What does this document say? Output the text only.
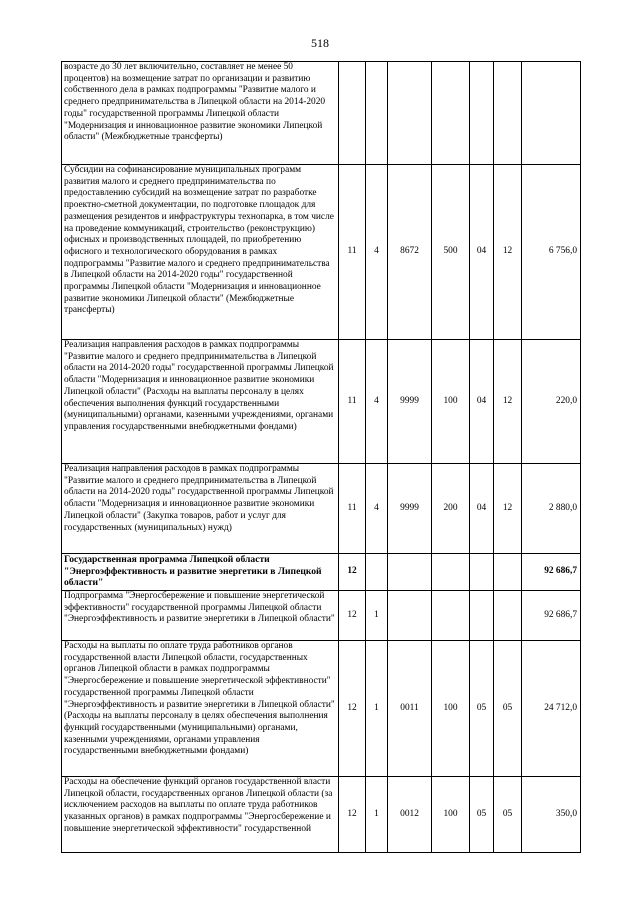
518
возрасте до 30 лет включительно, составляет не менее 50 процентов) на возмещение затрат по организации и развитию собственного дела в рамках подпрограммы "Развитие малого и среднего предпринимательства в Липецкой области на 2014-2020 годы" государственной программы Липецкой области "Модернизация и инновационное развитие экономики Липецкой области" (Межбюджетные трансферты)							
Субсидии на софинансирование муниципальных программ развития малого и среднего предпринимательства по предоставлению субсидий на возмещение затрат по разработке проектно-сметной документации, по подготовке площадок для размещения резидентов и инфраструктуры технопарка, в том числе на проведение коммуникаций, строительство (реконструкцию) офисных и производственных площадей, по приобретению офисного и технологического оборудования в рамках подпрограммы "Развитие малого и среднего предпринимательства в Липецкой области на 2014-2020 годы" государственной программы Липецкой области "Модернизация и инновационное развитие экономики Липецкой области" (Межбюджетные трансферты)	11	4	8672	500	04	12	6 756,0
Реализация направления расходов в рамках подпрограммы "Развитие малого и среднего предпринимательства в Липецкой области на 2014-2020 годы" государственной программы Липецкой области "Модернизация и инновационное развитие экономики Липецкой области" (Расходы на выплаты персоналу в целях обеспечения выполнения функций государственными (муниципальными) органами, казенными учреждениями, органами управления государственными внебюджетными фондами)	11	4	9999	100	04	12	220,0
Реализация направления расходов в рамках подпрограммы "Развитие малого и среднего предпринимательства в Липецкой области на 2014-2020 годы" государственной программы Липецкой области "Модернизация и инновационное развитие экономики Липецкой области" (Закупка товаров, работ и услуг для государственных (муниципальных) нужд)	11	4	9999	200	04	12	2 880,0
Государственная программа Липецкой области "Энергоэффективность и развитие энергетики в Липецкой области"	12						92 686,7
Подпрограмма "Энергосбережение и повышение энергетической эффективности" государственной программы Липецкой области "Энергоэффективность и развитие энергетики в Липецкой области"	12	1					92 686,7
Расходы на выплаты по оплате труда работников органов государственной власти Липецкой области, государственных органов Липецкой области в рамках подпрограммы "Энергосбережение и повышение энергетической эффективности" государственной программы Липецкой области "Энергоэффективность и развитие энергетики в Липецкой области" (Расходы на выплаты персоналу в целях обеспечения выполнения функций государственными (муниципальными) органами, казенными учреждениями, органами управления государственными внебюджетными фондами)	12	1	0011	100	05	05	24 712,0
Расходы на обеспечение функций органов государственной власти Липецкой области, государственных органов Липецкой области (за исключением расходов на выплаты по оплате труда работников указанных органов) в рамках подпрограммы "Энергосбережение и повышение энергетической эффективности" государственной	12	1	0012	100	05	05	350,0
